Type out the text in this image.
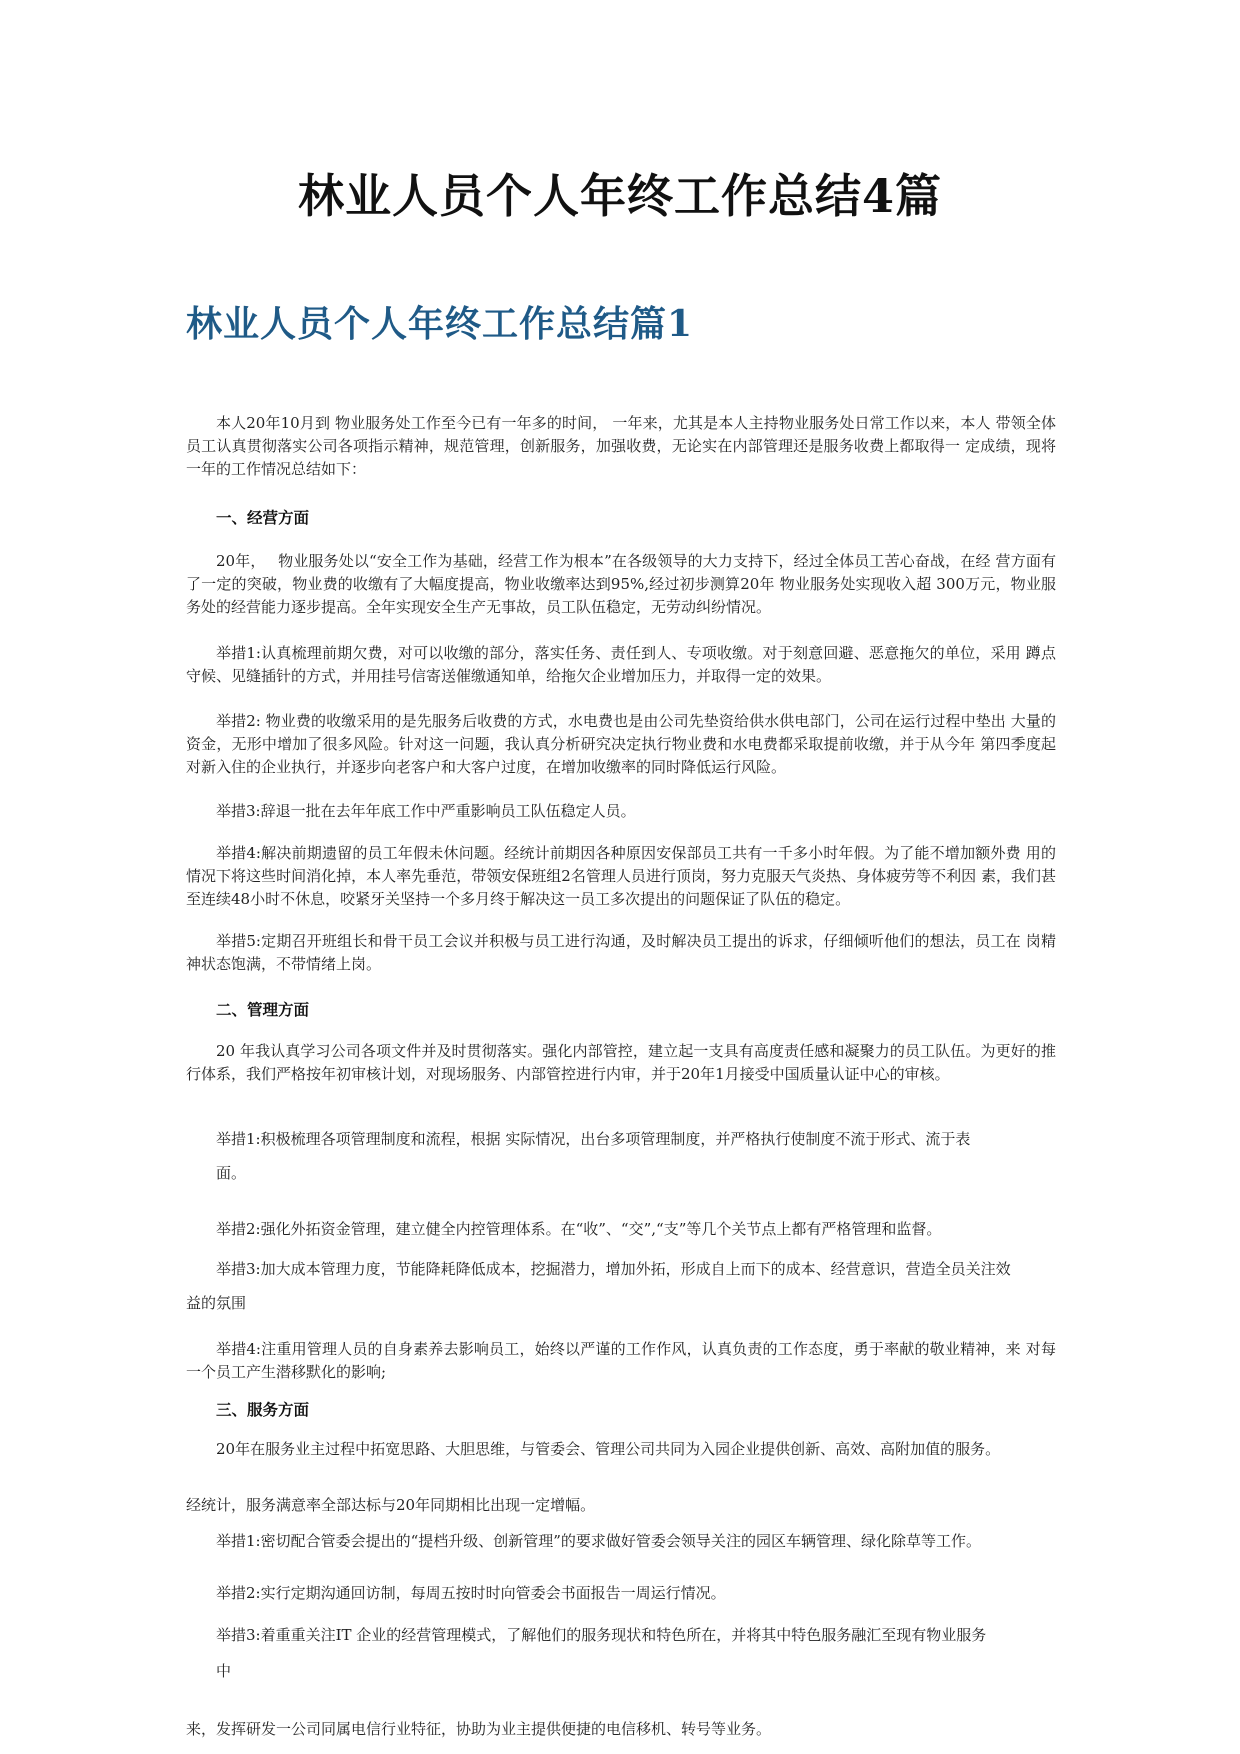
林业人员个人年终工作总结4篇
林业人员个人年终工作总结篇1
本人20年10月到 物业服务处工作至今已有一年多的时间， 一年来，尤其是本人主持物业服务处日常工作以来，本人 带领全体员工认真贯彻落实公司各项指示精神，规范管理，创新服务，加强收费，无论实在内部管理还是服务收费上都取得一 定成绩，现将一年的工作情况总结如下：
一、经营方面
20年，　 物业服务处以“安全工作为基础，经营工作为根本”在各级领导的大力支持下，经过全体员工苦心奋战，在经 营方面有了一定的突破，物业费的收缴有了大幅度提高，物业收缴率达到95%,经过初步测算20年 物业服务处实现收入超 300万元，物业服务处的经营能力逐步提高。全年实现安全生产无事故，员工队伍稳定，无劳动纠纷情况。
举措1:认真梳理前期欠费，对可以收缴的部分，落实任务、责任到人、专项收缴。对于刻意回避、恶意拖欠的单位，采用 蹲点守候、见缝插针的方式，并用挂号信寄送催缴通知单，给拖欠企业增加压力，并取得一定的效果。
举措2: 物业费的收缴采用的是先服务后收费的方式，水电费也是由公司先垫资给供水供电部门，公司在运行过程中垫出 大量的资金，无形中增加了很多风险。针对这一问题，我认真分析研究决定执行物业费和水电费都采取提前收缴，并于从今年 第四季度起对新入住的企业执行，并逐步向老客户和大客户过度，在增加收缴率的同时降低运行风险。
举措3:辞退一批在去年年底工作中严重影响员工队伍稳定人员。
举措4:解决前期遗留的员工年假未休问题。经统计前期因各种原因安保部员工共有一千多小时年假。为了能不增加额外费 用的情况下将这些时间消化掉，本人率先垂范，带领安保班组2名管理人员进行顶岗，努力克服天气炎热、身体疲劳等不利因 素，我们甚至连续48小时不休息，咬紧牙关坚持一个多月终于解决这一员工多次提出的问题保证了队伍的稳定。
举措5:定期召开班组长和骨干员工会议并积极与员工进行沟通，及时解决员工提出的诉求，仔细倾听他们的想法，员工在 岗精神状态饱满，不带情绪上岗。
二、管理方面
20 年我认真学习公司各项文件并及时贯彻落实。强化内部管控，建立起一支具有高度责任感和凝聚力的员工队伍。为更好的推行体系，我们严格按年初审核计划，对现场服务、内部管控进行内审，并于20年1月接受中国质量认证中心的审核。
举措1:积极梳理各项管理制度和流程，根据 实际情况，出台多项管理制度，并严格执行使制度不流于形式、流于表
面。
举措2:强化外拓资金管理，建立健全内控管理体系。在“收”、“交”,“支”等几个关节点上都有严格管理和监督。
举措3:加大成本管理力度，节能降耗降低成本，挖掘潜力，增加外拓，形成自上而下的成本、经营意识，营造全员关注效
益的氛围
举措4:注重用管理人员的自身素养去影响员工，始终以严谨的工作作风，认真负责的工作态度，勇于率献的敬业精神，来 对每一个员工产生潜移默化的影响;
三、服务方面
20年在服务业主过程中拓宽思路、大胆思维，与管委会、管理公司共同为入园企业提供创新、高效、高附加值的服务。
经统计，服务满意率全部达标与20年同期相比出现一定增幅。
举措1:密切配合管委会提出的“提档升级、创新管理”的要求做好管委会领导关注的园区车辆管理、绿化除草等工作。
举措2:实行定期沟通回访制，每周五按时时向管委会书面报告一周运行情况。
举措3:着重重关注IT 企业的经营管理模式，了解他们的服务现状和特色所在，并将其中特色服务融汇至现有物业服务
中
来，发挥研发一公司同属电信行业特征，协助为业主提供便捷的电信移机、转号等业务。
